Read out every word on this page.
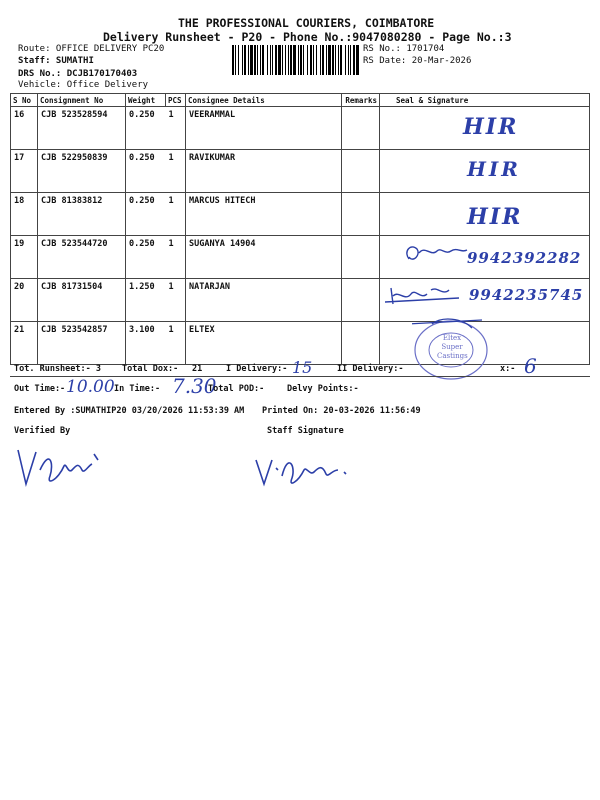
THE PROFESSIONAL COURIERS, COIMBATORE
Delivery Runsheet - P20 - Phone No.:9047080280 - Page No.:3
Route: OFFICE DELIVERY PC20
Staff: SUMATHI
DRS No.: DCJB170170403
Vehicle: Office Delivery
RS No.: 1701704
RS Date: 20-Mar-2026
S No	Consignment No	Weight	PCS	Consignee Details	Remarks	Seal & Signature
16	CJB 523528594	0.250	1	VEERAMMAL		HIR

17	CJB 522950839	0.250	1	RAVIKUMAR		HIR

18	CJB 81383812	0.250	1	MARCUS HITECH		HIR

19	CJB 523544720	0.250	1	SUGANYA 14904		9942392282

20	CJB 81731504	1.250	1	NATARJAN		9942235745

21	CJB 523542857	3.100	1	ELTEX		
Eltex
Super
Castings
Tot. Runsheet:- 3 Total Dox:- 21	I Delivery:- 15	II Delivery:-	x:- 6
Out Time:- 10.00 In Time:- 7.30
Total POD:-	Delvy Points:-
Entered By :SUMATHIP20 03/20/2026 11:53:39 AM Printed On: 20-03-2026 11:56:49
Verified By	Staff Signature
